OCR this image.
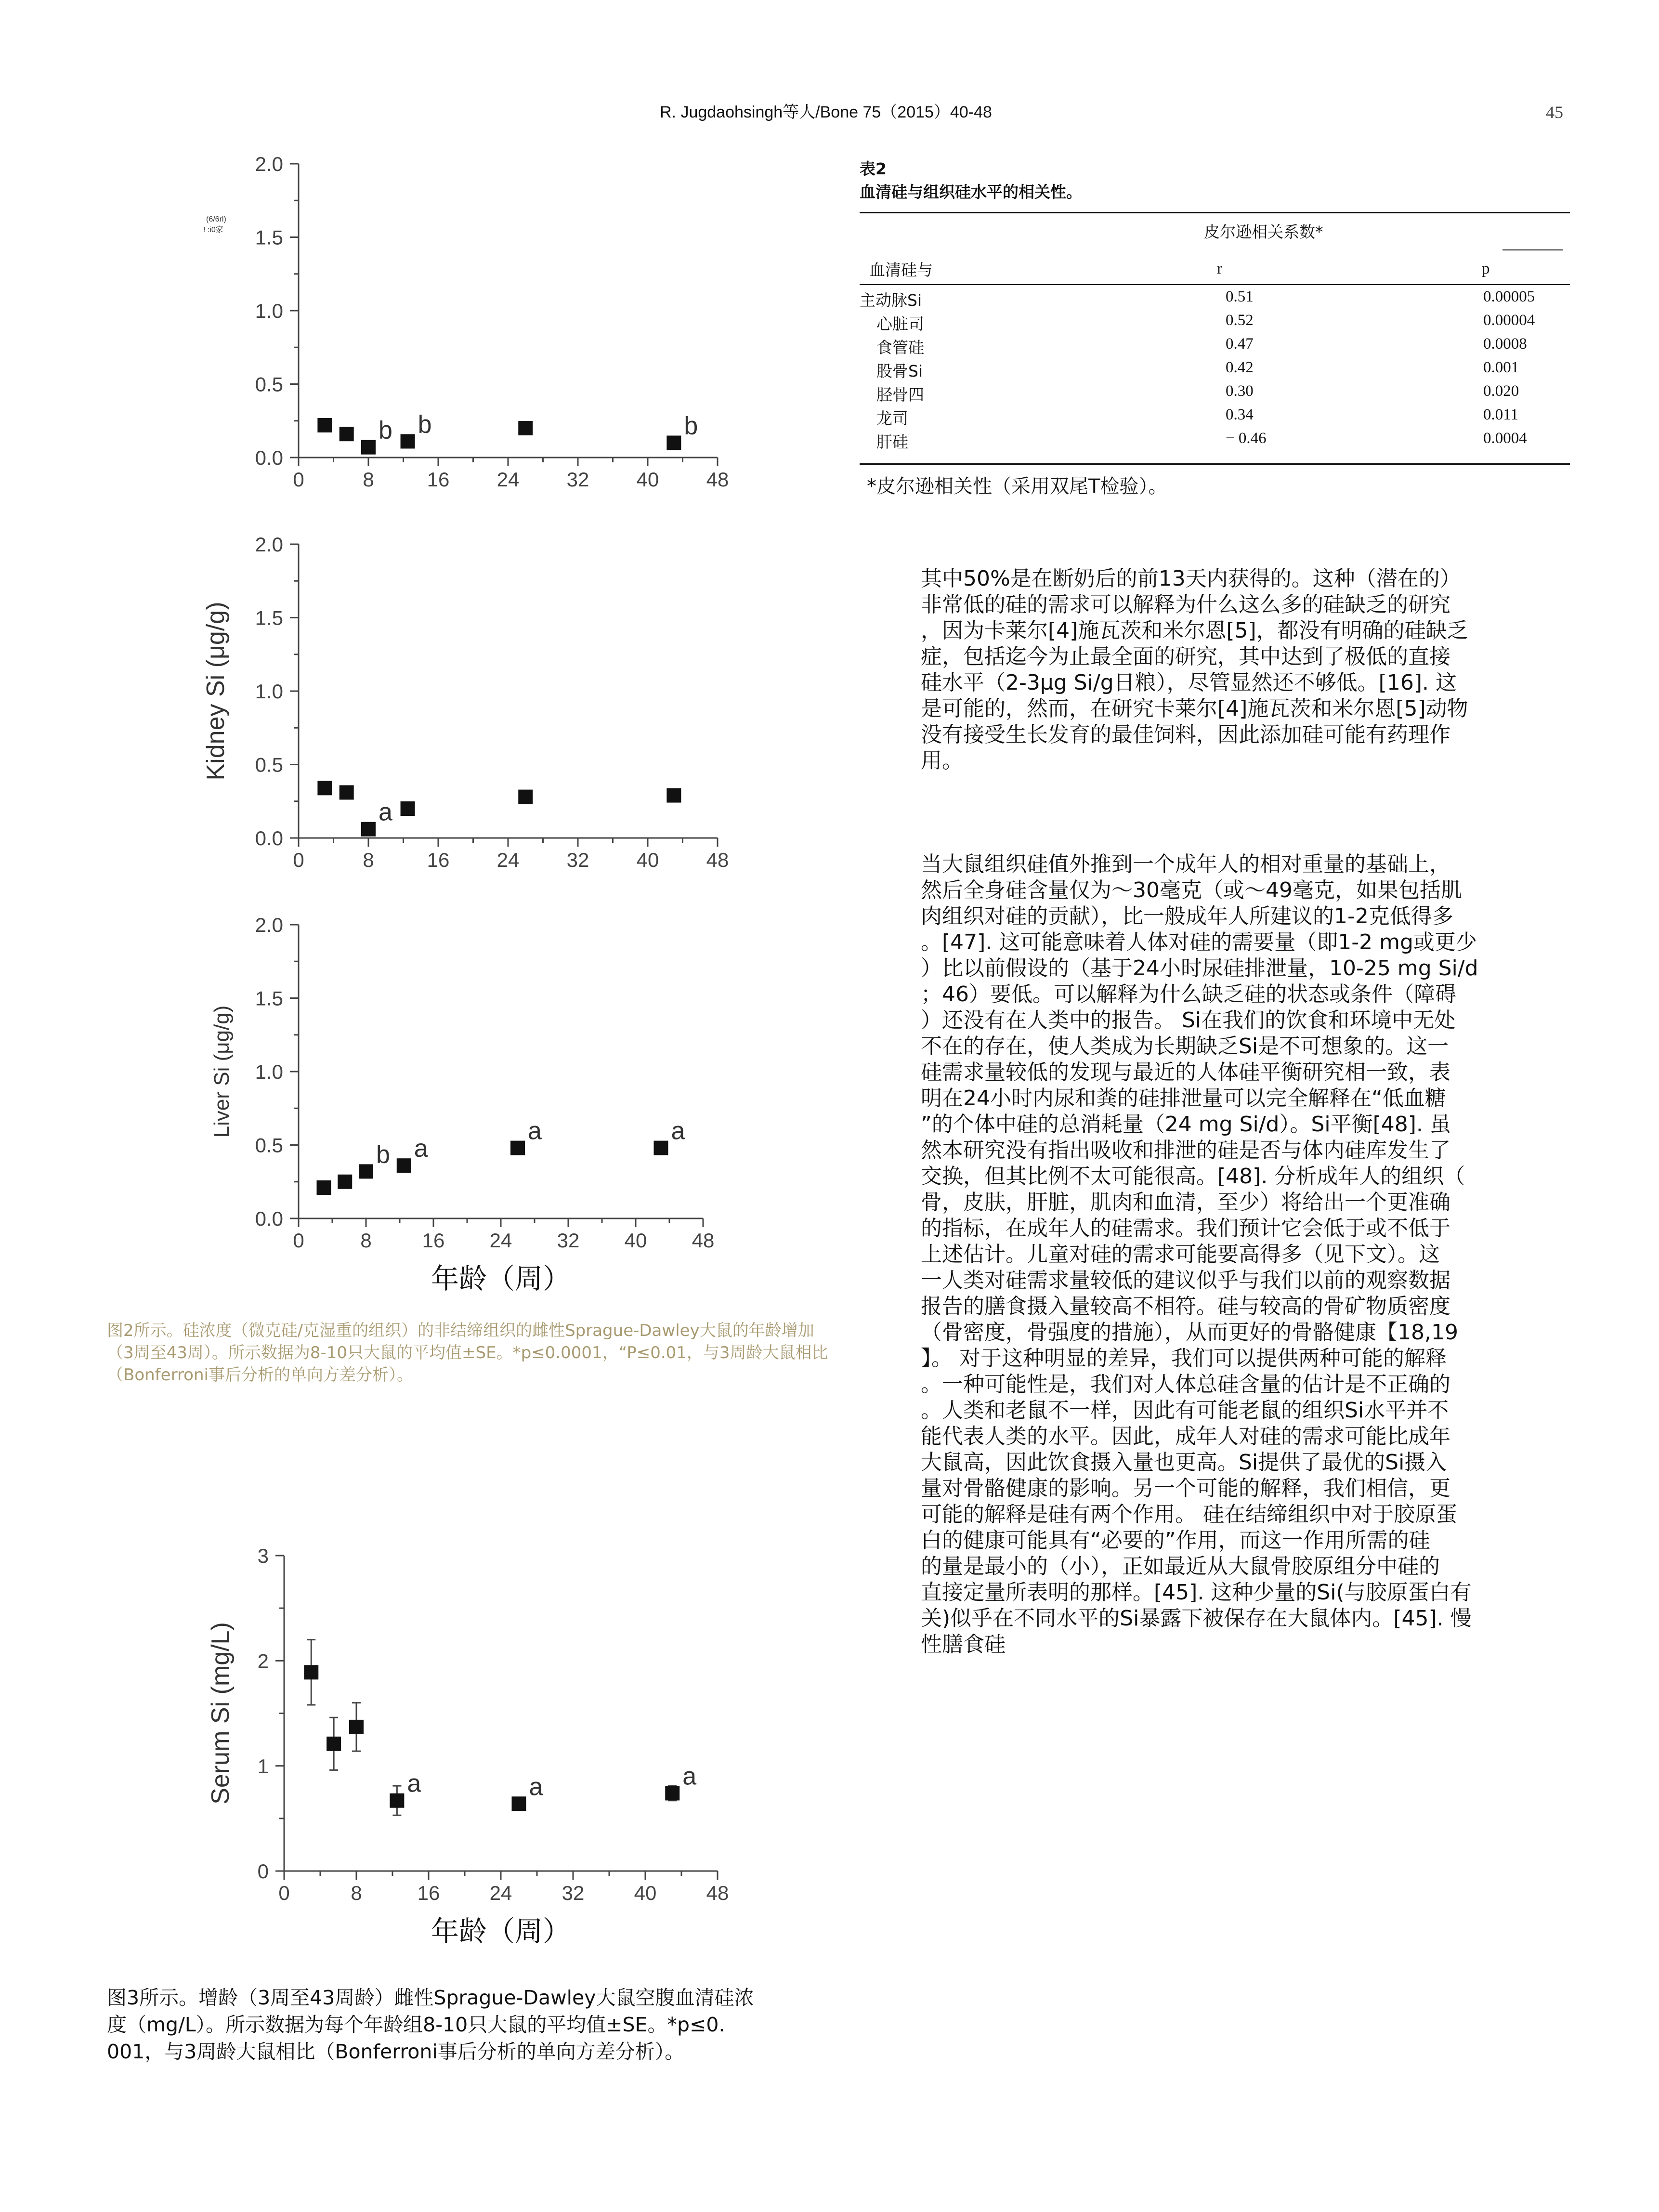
R. Jugdaohsingh等人/Bone 75（2015）40-48	45
0.0
0.5
1.0
1.5
2.0
0	8	16 24 32 40 48
b b	b
(6/6rl)
! :i0家
0.0
0.5
1.0
1.5
2.0
0	8	16 24 32 40 48
Kidney Si (μg/g)
a
0.0
0.5
1.0
1.5
2.0
0	8 16 24 32 40 48
Liver Si (μg/g)
年龄（周）
b a
a	a
图2所示。硅浓度（微克硅/克湿重的组织）的非结缔组织的雌性Sprague-Dawley大鼠的年龄增加（3周至43周）。所示数据为8-10只大鼠的平均值±SE。*p≤0.0001，“P≤0.01，与3周龄大鼠相比（Bonferroni事后分析的单向方差分析）。
0
1
2
3
0	8	16 24 32 40 48
Serum Si (mg/L)
年龄（周）
a	a	a
图3所示。增龄（3周至43周龄）雌性Sprague-Dawley大鼠空腹血清硅浓
度（mg/L）。所示数据为每个年龄组8-10只大鼠的平均值±SE。*p≤0.
001，与3周龄大鼠相比（Bonferroni事后分析的单向方差分析）。
表2
血清硅与组织硅水平的相关性。
皮尔逊相关系数*
血清硅与	r	p
主动脉Si	0.51	0.00005
心脏司	0.52	0.00004
食管硅	0.47	0.0008
股骨Si	0.42	0.001
胫骨四	0.30	0.020
龙司	0.34	0.011
肝硅	− 0.46	0.0004
*皮尔逊相关性（采用双尾T检验）。
其中50%是在断奶后的前13天内获得的。这种（潜在的）
非常低的硅的需求可以解释为什么这么多的硅缺乏的研究
，因为卡莱尔[4]施瓦茨和米尔恩[5]，都没有明确的硅缺乏
症，包括迄今为止最全面的研究，其中达到了极低的直接
硅水平（2-3μg Si/g日粮），尽管显然还不够低。[16]. 这
是可能的，然而，在研究卡莱尔[4]施瓦茨和米尔恩[5]动物
没有接受生长发育的最佳饲料，因此添加硅可能有药理作
用。
当大鼠组织硅值外推到一个成年人的相对重量的基础上，
然后全身硅含量仅为～30毫克（或～49毫克，如果包括肌
肉组织对硅的贡献），比一般成年人所建议的1-2克低得多
。[47]. 这可能意味着人体对硅的需要量（即1-2 mg或更少
）比以前假设的（基于24小时尿硅排泄量，10-25 mg Si/d
；46）要低。可以解释为什么缺乏硅的状态或条件（障碍
）还没有在人类中的报告。 Si在我们的饮食和环境中无处
不在的存在，使人类成为长期缺乏Si是不可想象的。这一
硅需求量较低的发现与最近的人体硅平衡研究相一致，表
明在24小时内尿和粪的硅排泄量可以完全解释在“低血糖
”的个体中硅的总消耗量（24 mg Si/d）。Si平衡[48]. 虽
然本研究没有指出吸收和排泄的硅是否与体内硅库发生了
交换，但其比例不太可能很高。[48]. 分析成年人的组织（
骨，皮肤，肝脏，肌肉和血清，至少）将给出一个更准确
的指标，在成年人的硅需求。我们预计它会低于或不低于
上述估计。儿童对硅的需求可能要高得多（见下文）。这
一人类对硅需求量较低的建议似乎与我们以前的观察数据
报告的膳食摄入量较高不相符。硅与较高的骨矿物质密度
（骨密度，骨强度的措施），从而更好的骨骼健康【18,19
】。 对于这种明显的差异，我们可以提供两种可能的解释
。一种可能性是，我们对人体总硅含量的估计是不正确的
。人类和老鼠不一样，因此有可能老鼠的组织Si水平并不
能代表人类的水平。因此，成年人对硅的需求可能比成年
大鼠高，因此饮食摄入量也更高。Si提供了最优的Si摄入
量对骨骼健康的影响。另一个可能的解释，我们相信，更
可能的解释是硅有两个作用。 硅在结缔组织中对于胶原蛋
白的健康可能具有“必要的”作用，而这一作用所需的硅
的量是最小的（小），正如最近从大鼠骨胶原组分中硅的
直接定量所表明的那样。[45]. 这种少量的Si(与胶原蛋白有
关)似乎在不同水平的Si暴露下被保存在大鼠体内。[45]. 慢
性膳食硅
